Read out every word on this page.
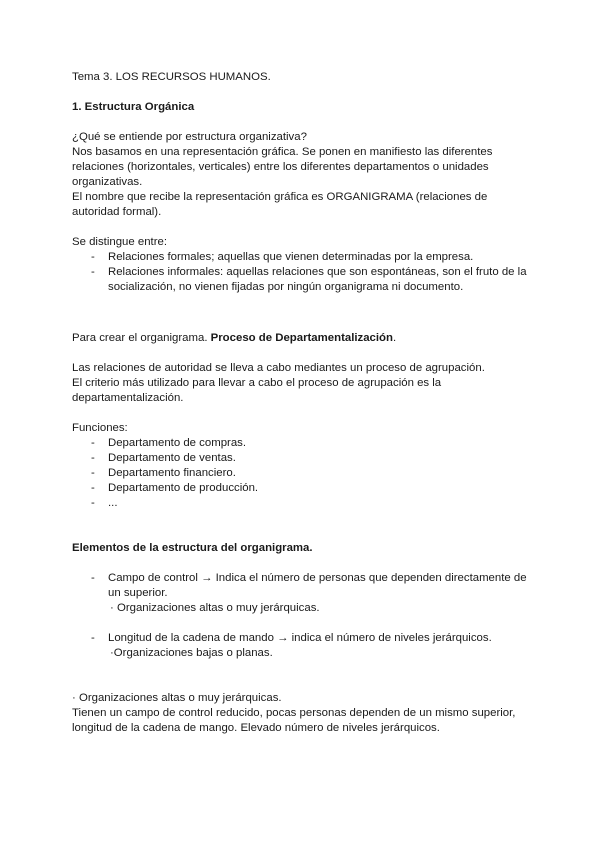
Tema 3. LOS RECURSOS HUMANOS.

1. Estructura Orgánica

¿Qué se entiende por estructura organizativa?

Nos basamos en una representación gráfica. Se ponen en manifiesto las diferentes relaciones (horizontales, verticales) entre los diferentes departamentos o unidades organizativas.

El nombre que recibe la representación gráfica es ORGANIGRAMA (relaciones de autoridad formal).

Se distingue entre:

- Relaciones formales; aquellas que vienen determinadas por la empresa.
- Relaciones informales: aquellas relaciones que son espontáneas, son el fruto de la socialización, no vienen fijadas por ningún organigrama ni documento.

Para crear el organigrama. Proceso de Departamentalización.

Las relaciones de autoridad se lleva a cabo mediantes un proceso de agrupación.

El criterio más utilizado para llevar a cabo el proceso de agrupación es la departamentalización.

Funciones:

- Departamento de compras.
- Departamento de ventas.
- Departamento financiero.
- Departamento de producción.
- ...

Elementos de la estructura del organigrama.

- Campo de control → Indica el número de personas que dependen directamente de un superior.

· Organizaciones altas o muy jerárquicas.

- Longitud de la cadena de mando → indica el número de niveles jerárquicos.

·Organizaciones bajas o planas.

· Organizaciones altas o muy jerárquicas.

Tienen un campo de control reducido, pocas personas dependen de un mismo superior, longitud de la cadena de mango. Elevado número de niveles jerárquicos.
